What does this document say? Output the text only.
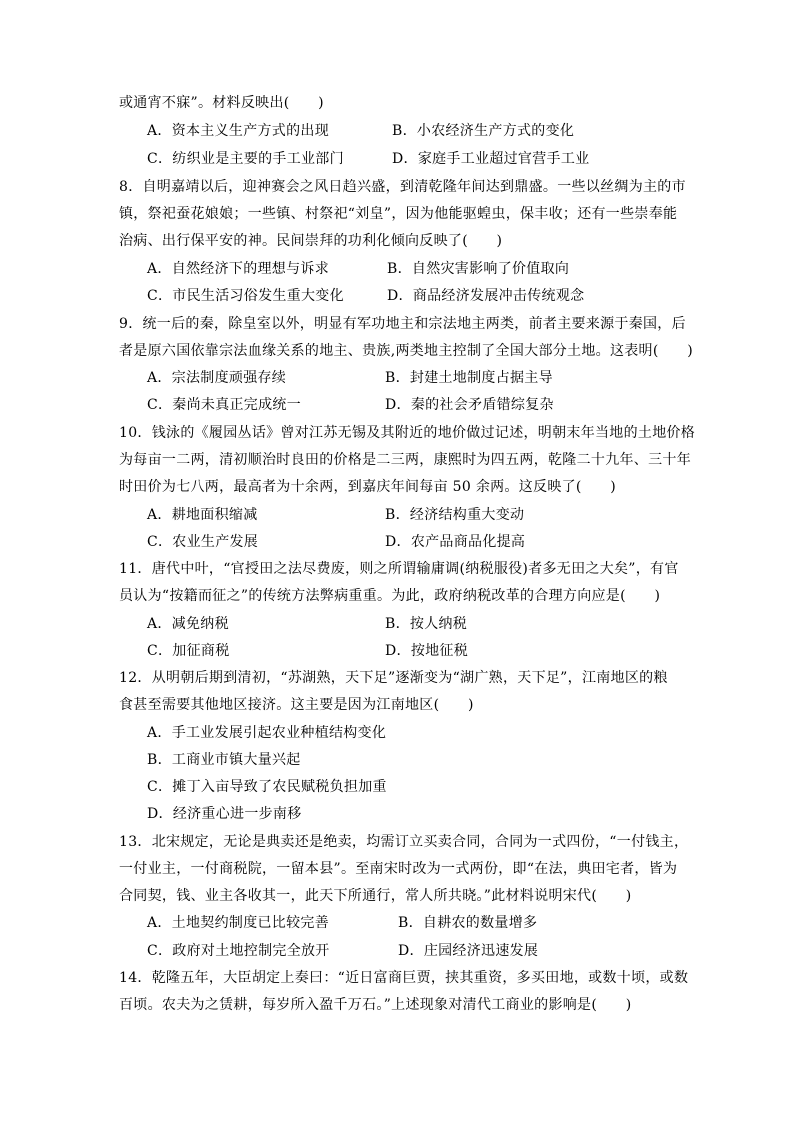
或通宵不寐”。材料反映出(　　)
A．资本主义生产方式的出现	B．小农经济生产方式的变化
C．纺织业是主要的手工业部门	D．家庭手工业超过官营手工业
8．自明嘉靖以后，迎神赛会之风日趋兴盛，到清乾隆年间达到鼎盛。一些以丝绸为主的市
镇，祭祀蚕花娘娘；一些镇、村祭祀“刘皇”，因为他能驱蝗虫，保丰收；还有一些崇奉能
治病、出行保平安的神。民间崇拜的功利化倾向反映了(　　)
A．自然经济下的理想与诉求	B．自然灾害影响了价值取向
C．市民生活习俗发生重大变化	D．商品经济发展冲击传统观念
9．统一后的秦，除皇室以外，明显有军功地主和宗法地主两类，前者主要来源于秦国，后
者是原六国依靠宗法血缘关系的地主、贵族,两类地主控制了全国大部分土地。这表明(　　)
A．宗法制度顽强存续	B．封建土地制度占据主导
C．秦尚未真正完成统一	D．秦的社会矛盾错综复杂
10．钱泳的《履园丛话》曾对江苏无锡及其附近的地价做过记述，明朝末年当地的土地价格
为每亩一二两，清初顺治时良田的价格是二三两，康熙时为四五两，乾隆二十九年、三十年
时田价为七八两，最高者为十余两，到嘉庆年间每亩 50 余两。这反映了(　　)
A．耕地面积缩减	B．经济结构重大变动
C．农业生产发展	D．农产品商品化提高
11．唐代中叶，“官授田之法尽费废，则之所谓输庸调(纳税服役)者多无田之大矣”，有官
员认为“按籍而征之”的传统方法弊病重重。为此，政府纳税改革的合理方向应是(　　)
A．减免纳税	B．按人纳税
C．加征商税	D．按地征税
12．从明朝后期到清初，“苏湖熟，天下足”逐渐变为“湖广熟，天下足”，江南地区的粮
食甚至需要其他地区接济。这主要是因为江南地区(　　)
A．手工业发展引起农业种植结构变化
B．工商业市镇大量兴起
C．摊丁入亩导致了农民赋税负担加重
D．经济重心进一步南移
13．北宋规定，无论是典卖还是绝卖，均需订立买卖合同，合同为一式四份，“一付钱主，
一付业主，一付商税院，一留本县”。至南宋时改为一式两份，即“在法，典田宅者，皆为
合同契，钱、业主各收其一，此天下所通行，常人所共晓。”此材料说明宋代(　　)
A．土地契约制度已比较完善	B．自耕农的数量增多
C．政府对土地控制完全放开	D．庄园经济迅速发展
14．乾隆五年，大臣胡定上奏曰：“近日富商巨贾，挟其重资，多买田地，或数十顷，或数
百顷。农夫为之赁耕，每岁所入盈千万石。”上述现象对清代工商业的影响是(　　)
